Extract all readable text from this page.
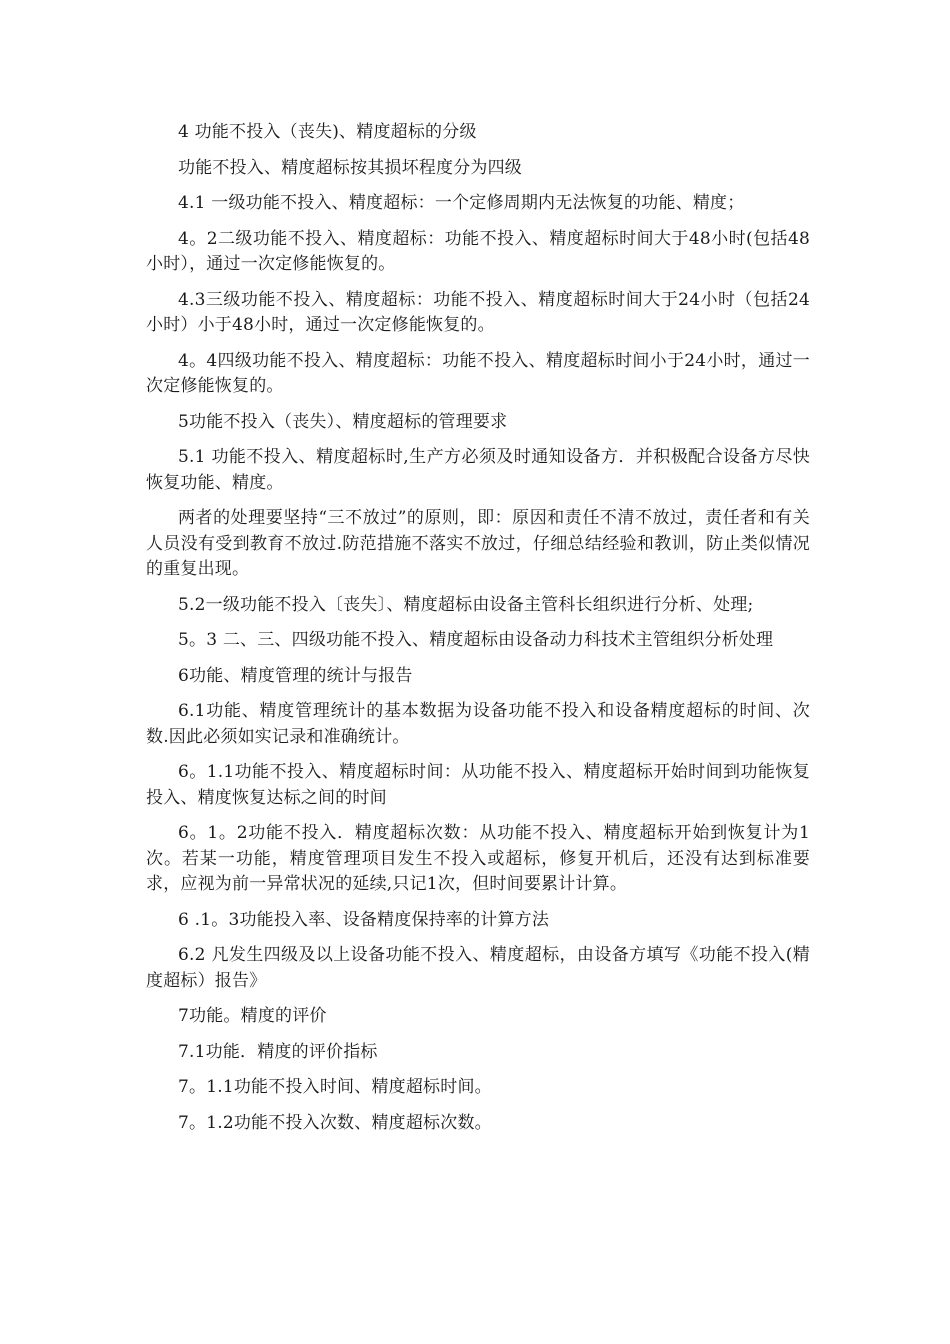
4 功能不投入（丧失)、精度超标的分级

功能不投入、精度超标按其损坏程度分为四级

4.1 一级功能不投入、精度超标：一个定修周期内无法恢复的功能、精度；

4。2二级功能不投入、精度超标：功能不投入、精度超标时间大于48小时(包括48小时），通过一次定修能恢复的。

4.3三级功能不投入、精度超标：功能不投入、精度超标时间大于24小时（包括24小时）小于48小时，通过一次定修能恢复的。

4。4四级功能不投入、精度超标：功能不投入、精度超标时间小于24小时，通过一次定修能恢复的。

5功能不投入（丧失）、精度超标的管理要求

5.1 功能不投入、精度超标时,生产方必须及时通知设备方．并积极配合设备方尽快恢复功能、精度。

两者的处理要坚持“三不放过”的原则，即：原因和责任不清不放过，责任者和有关人员没有受到教育不放过.防范措施不落实不放过，仔细总结经验和教训，防止类似情况的重复出现。

5.2一级功能不投入〔丧失〕、精度超标由设备主管科长组织进行分析、处理;

5。3 二、三、四级功能不投入、精度超标由设备动力科技术主管组织分析处理

6功能、精度管理的统计与报告

6.1功能、精度管理统计的基本数据为设备功能不投入和设备精度超标的时间、次数.因此必须如实记录和准确统计。

6。1.1功能不投入、精度超标时间：从功能不投入、精度超标开始时间到功能恢复投入、精度恢复达标之间的时间

6。1。2功能不投入．精度超标次数：从功能不投入、精度超标开始到恢复计为1次。若某一功能，精度管理项目发生不投入或超标，修复开机后，还没有达到标准要求，应视为前一异常状况的延续,只记1次，但时间要累计计算。

6 .1。3功能投入率、设备精度保持率的计算方法

6.2 凡发生四级及以上设备功能不投入、精度超标，由设备方填写《功能不投入(精度超标）报告》

7功能。精度的评价

7.1功能．精度的评价指标

7。1.1功能不投入时间、精度超标时间。

7。1.2功能不投入次数、精度超标次数。
